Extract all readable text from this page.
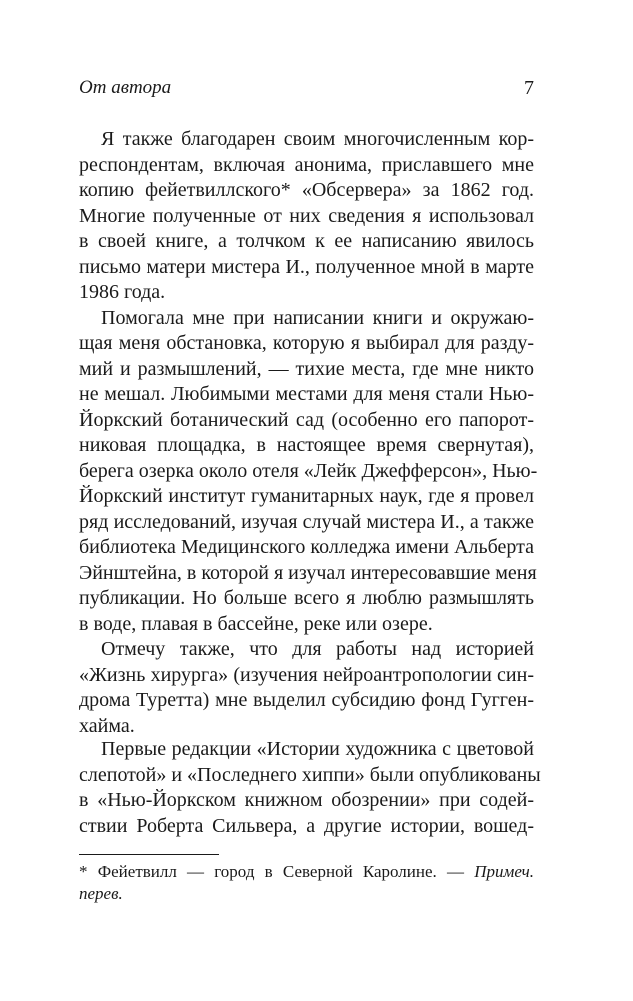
От автора	7
Я также благодарен своим многочисленным кор-
респондентам, включая анонима, приславшего мне
копию фейетвиллского* «Обсервера» за 1862 год.
Многие полученные от них сведения я использовал
в своей книге, а толчком к ее написанию явилось
письмо матери мистера И., полученное мной в марте
1986 года.
Помогала мне при написании книги и окружаю-
щая меня обстановка, которую я выбирал для разду-
мий и размышлений, — тихие места, где мне никто
не мешал. Любимыми местами для меня стали Нью-
Йоркский ботанический сад (особенно его папорот-
никовая площадка, в настоящее время свернутая),
берега озерка около отеля «Лейк Джефферсон», Нью-
Йоркский институт гуманитарных наук, где я провел
ряд исследований, изучая случай мистера И., а также
библиотека Медицинского колледжа имени Альберта
Эйнштейна, в которой я изучал интересовавшие меня
публикации. Но больше всего я люблю размышлять
в воде, плавая в бассейне, реке или озере.
Отмечу также, что для работы над историей
«Жизнь хирурга» (изучения нейроантропологии син-
дрома Туретта) мне выделил субсидию фонд Гугген-
хайма.
Первые редакции «Истории художника с цветовой
слепотой» и «Последнего хиппи» были опубликованы
в «Нью-Йоркском книжном обозрении» при содей-
ствии Роберта Сильвера, а другие истории, вошед-
* Фейетвилл — город в Северной Каролине. — Примеч.
перев.
